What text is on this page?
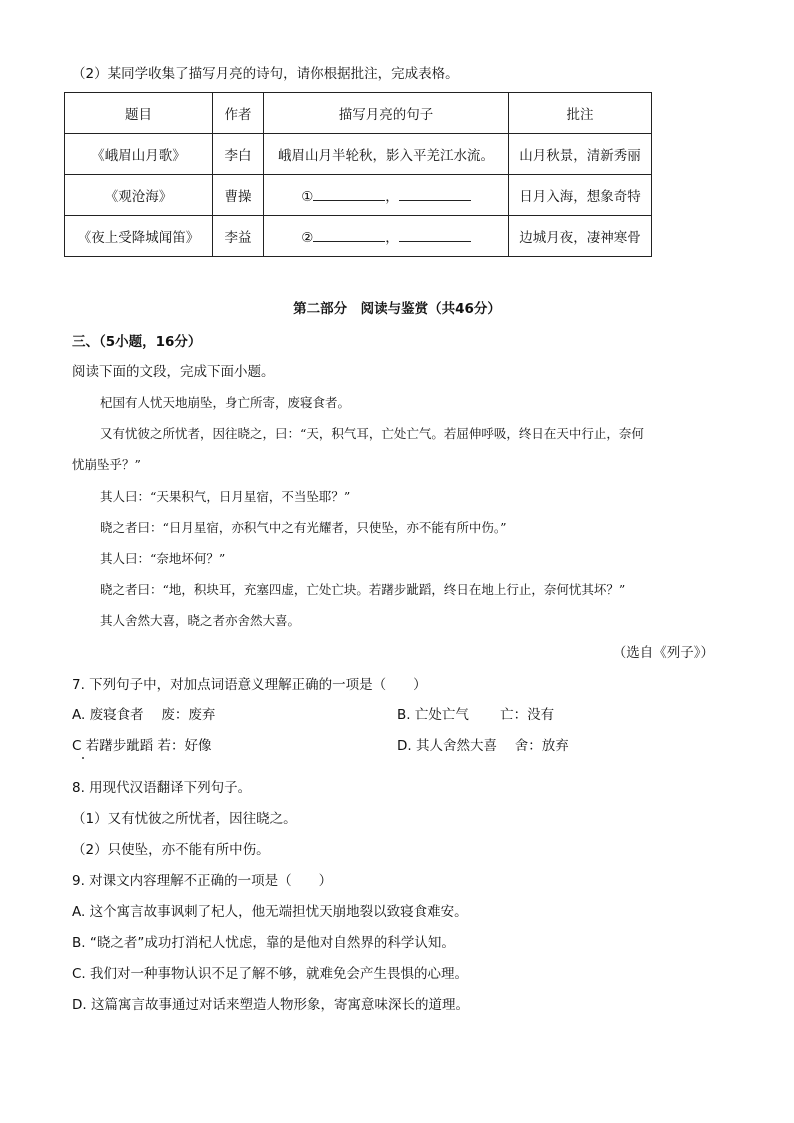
（2）某同学收集了描写月亮的诗句，请你根据批注，完成表格。
题目	作者	描写月亮的句子	批注
《峨眉山月歌》	李白	峨眉山月半轮秋，影入平羌江水流。	山月秋景，清新秀丽
《观沧海》	曹操	① ，	日月入海，想象奇特
《夜上受降城闻笛》	李益	② ，	边城月夜，凄神寒骨
第二部分　阅读与鉴赏（共46分）
三、（5小题，16分）
阅读下面的文段，完成下面小题。
杞国有人忧天地崩坠，身亡所寄，废寝食者。
又有忧彼之所忧者，因往晓之，曰：“天，积气耳，亡处亡气。若屈伸呼吸，终日在天中行止，奈何
忧崩坠乎？”
其人曰：“天果积气，日月星宿，不当坠耶？”
晓之者曰：“日月星宿，亦积气中之有光耀者，只使坠，亦不能有所中伤。”
其人曰：“奈地坏何？”
晓之者曰：“地，积块耳，充塞四虚，亡处亡块。若躇步跐蹈，终日在地上行止，奈何忧其坏？”
其人舍然大喜，晓之者亦舍然大喜。
（选自《列子》）
7. 下列句子中，对加点词语意义理解正确的一项是（　　）
A. 废寝食者　 废：废弃	B. 亡处亡气　　 亡：没有
C 若躇步跐蹈 若：好像	D. 其人舍然大喜　 舍：放弃
8. 用现代汉语翻译下列句子。
（1）又有忧彼之所忧者，因往晓之。
（2）只使坠，亦不能有所中伤。
9. 对课文内容理解不正确的一项是（　　）
A. 这个寓言故事讽刺了杞人，他无端担忧天崩地裂以致寝食难安。
B. “晓之者”成功打消杞人忧虑，靠的是他对自然界的科学认知。
C. 我们对一种事物认识不足了解不够，就难免会产生畏惧的心理。
D. 这篇寓言故事通过对话来塑造人物形象，寄寓意味深长的道理。
